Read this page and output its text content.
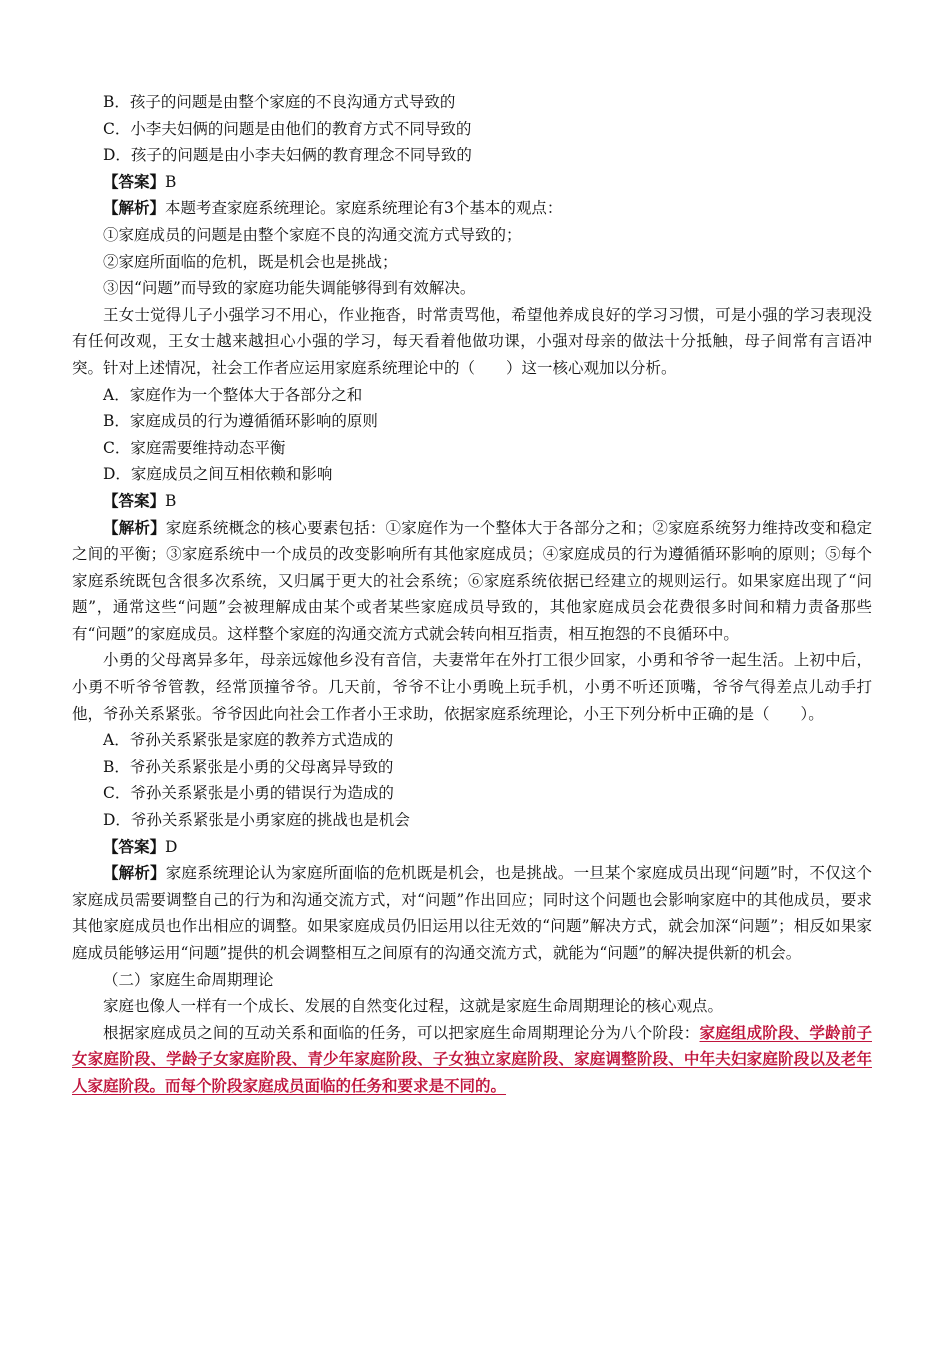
B．孩子的问题是由整个家庭的不良沟通方式导致的
C．小李夫妇俩的问题是由他们的教育方式不同导致的
D．孩子的问题是由小李夫妇俩的教育理念不同导致的
【答案】B
【解析】本题考查家庭系统理论。家庭系统理论有3个基本的观点：
①家庭成员的问题是由整个家庭不良的沟通交流方式导致的；
②家庭所面临的危机，既是机会也是挑战；
③因“问题”而导致的家庭功能失调能够得到有效解决。

王女士觉得儿子小强学习不用心，作业拖沓，时常责骂他，希望他养成良好的学习习惯，可是小强的学习表现没有任何改观，王女士越来越担心小强的学习，每天看着他做功课，小强对母亲的做法十分抵触，母子间常有言语冲突。针对上述情况，社会工作者应运用家庭系统理论中的（　　）这一核心观加以分析。

A．家庭作为一个整体大于各部分之和
B．家庭成员的行为遵循循环影响的原则
C．家庭需要维持动态平衡
D．家庭成员之间互相依赖和影响
【答案】B

【解析】家庭系统概念的核心要素包括：①家庭作为一个整体大于各部分之和；②家庭系统努力维持改变和稳定之间的平衡；③家庭系统中一个成员的改变影响所有其他家庭成员；④家庭成员的行为遵循循环影响的原则；⑤每个家庭系统既包含很多次系统，又归属于更大的社会系统；⑥家庭系统依据已经建立的规则运行。如果家庭出现了“问题”，通常这些“问题”会被理解成由某个或者某些家庭成员导致的，其他家庭成员会花费很多时间和精力责备那些有“问题”的家庭成员。这样整个家庭的沟通交流方式就会转向相互指责，相互抱怨的不良循环中。

小勇的父母离异多年，母亲远嫁他乡没有音信，夫妻常年在外打工很少回家，小勇和爷爷一起生活。上初中后，小勇不听爷爷管教，经常顶撞爷爷。几天前，爷爷不让小勇晚上玩手机，小勇不听还顶嘴，爷爷气得差点儿动手打他，爷孙关系紧张。爷爷因此向社会工作者小王求助，依据家庭系统理论，小王下列分析中正确的是（　　）。

A．爷孙关系紧张是家庭的教养方式造成的
B．爷孙关系紧张是小勇的父母离异导致的
C．爷孙关系紧张是小勇的错误行为造成的
D．爷孙关系紧张是小勇家庭的挑战也是机会
【答案】D

【解析】家庭系统理论认为家庭所面临的危机既是机会，也是挑战。一旦某个家庭成员出现“问题”时，不仅这个家庭成员需要调整自己的行为和沟通交流方式，对“问题”作出回应；同时这个问题也会影响家庭中的其他成员，要求其他家庭成员也作出相应的调整。如果家庭成员仍旧运用以往无效的“问题”解决方式，就会加深“问题”；相反如果家庭成员能够运用“问题”提供的机会调整相互之间原有的沟通交流方式，就能为“问题”的解决提供新的机会。

（二）家庭生命周期理论

家庭也像人一样有一个成长、发展的自然变化过程，这就是家庭生命周期理论的核心观点。

根据家庭成员之间的互动关系和面临的任务，可以把家庭生命周期理论分为八个阶段：家庭组成阶段、学龄前子女家庭阶段、学龄子女家庭阶段、青少年家庭阶段、子女独立家庭阶段、家庭调整阶段、中年夫妇家庭阶段以及老年人家庭阶段。而每个阶段家庭成员面临的任务和要求是不同的。
